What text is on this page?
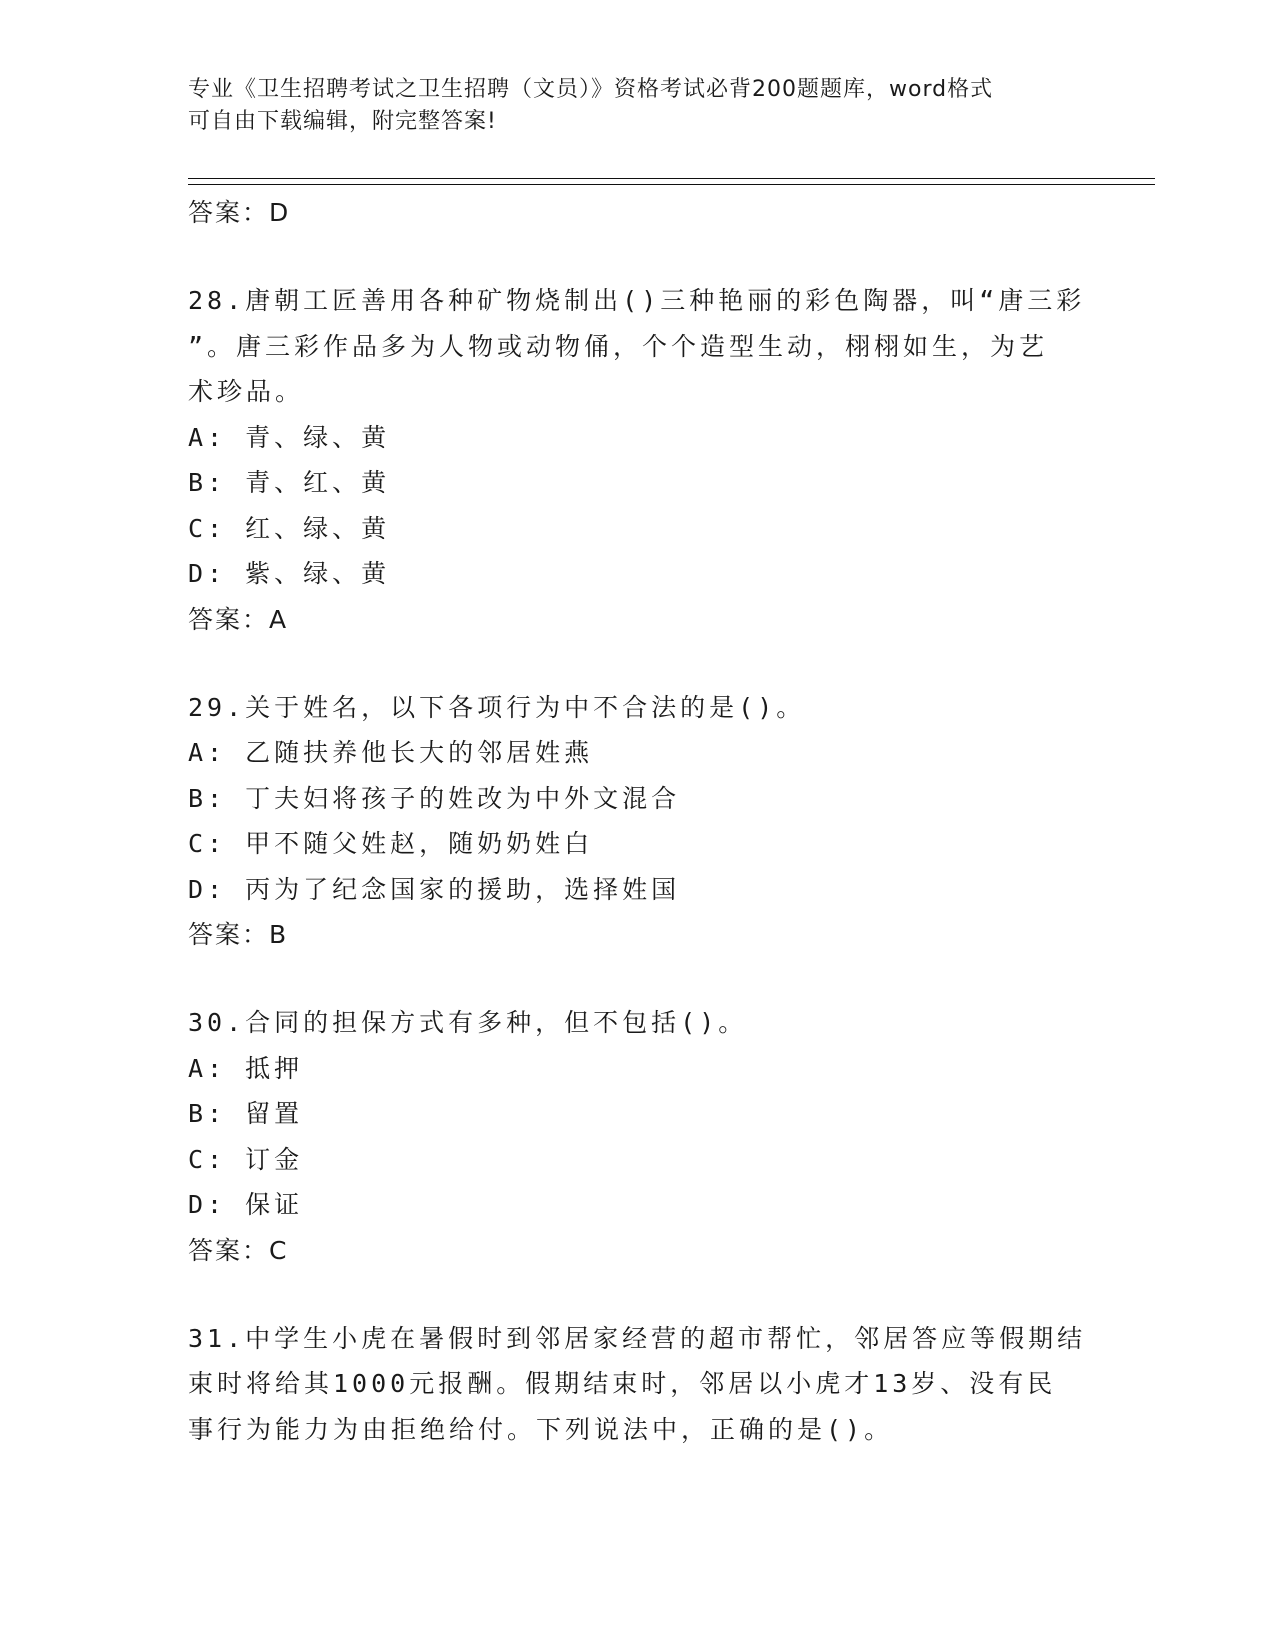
专业《卫生招聘考试之卫生招聘（文员）》资格考试必背200题题库，word格式
可自由下载编辑，附完整答案!
答案：D
28.唐朝工匠善用各种矿物烧制出()三种艳丽的彩色陶器，叫“唐三彩
”。唐三彩作品多为人物或动物俑，个个造型生动，栩栩如生，为艺
术珍品。
A: 青、绿、黄
B: 青、红、黄
C: 红、绿、黄
D: 紫、绿、黄
答案：A
29.关于姓名，以下各项行为中不合法的是()。
A: 乙随扶养他长大的邻居姓燕
B: 丁夫妇将孩子的姓改为中外文混合
C: 甲不随父姓赵，随奶奶姓白
D: 丙为了纪念国家的援助，选择姓国
答案：B
30.合同的担保方式有多种，但不包括()。
A: 抵押
B: 留置
C: 订金
D: 保证
答案：C
31.中学生小虎在暑假时到邻居家经营的超市帮忙，邻居答应等假期结
束时将给其1000元报酬。假期结束时，邻居以小虎才13岁、没有民
事行为能力为由拒绝给付。下列说法中，正确的是()。
